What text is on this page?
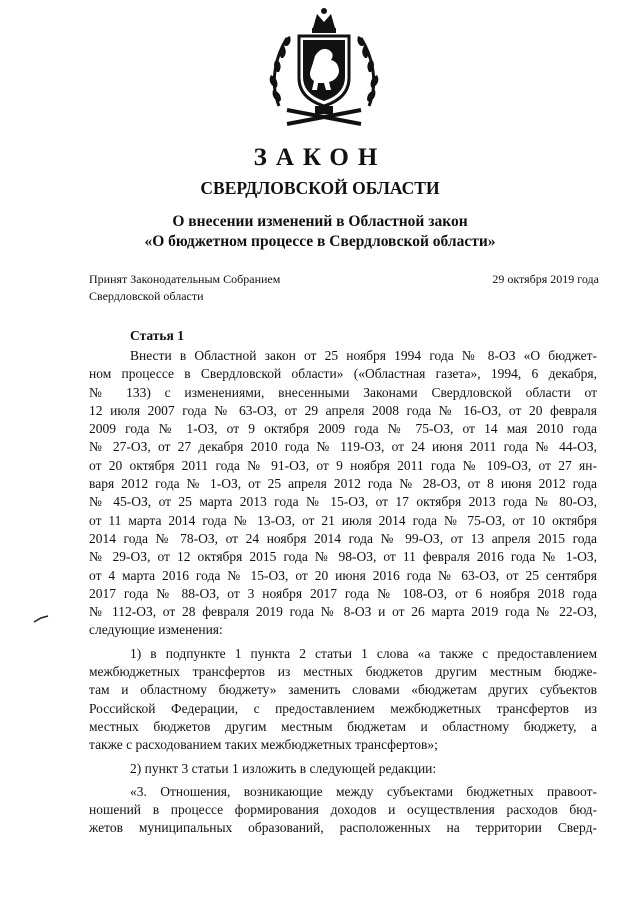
ЗАКОН
СВЕРДЛОВСКОЙ ОБЛАСТИ
О внесении изменений в Областной закон
«О бюджетном процессе в Свердловской области»
Принят Законодательным Собранием
Свердловской области
29 октября 2019 года
Статья 1
Внести в Областной закон от 25 ноября 1994 года № 8-ОЗ «О бюджет-
ном процессе в Свердловской области» («Областная газета», 1994, 6 декабря,
№ 133) с изменениями, внесенными Законами Свердловской области от
12 июля 2007 года № 63-ОЗ, от 29 апреля 2008 года № 16-ОЗ, от 20 февраля
2009 года № 1-ОЗ, от 9 октября 2009 года № 75-ОЗ, от 14 мая 2010 года
№ 27-ОЗ, от 27 декабря 2010 года № 119-ОЗ, от 24 июня 2011 года № 44-ОЗ,
от 20 октября 2011 года № 91-ОЗ, от 9 ноября 2011 года № 109-ОЗ, от 27 ян-
варя 2012 года № 1-ОЗ, от 25 апреля 2012 года № 28-ОЗ, от 8 июня 2012 года
№ 45-ОЗ, от 25 марта 2013 года № 15-ОЗ, от 17 октября 2013 года № 80-ОЗ,
от 11 марта 2014 года № 13-ОЗ, от 21 июля 2014 года № 75-ОЗ, от 10 октября
2014 года № 78-ОЗ, от 24 ноября 2014 года № 99-ОЗ, от 13 апреля 2015 года
№ 29-ОЗ, от 12 октября 2015 года № 98-ОЗ, от 11 февраля 2016 года № 1-ОЗ,
от 4 марта 2016 года № 15-ОЗ, от 20 июня 2016 года № 63-ОЗ, от 25 сентября
2017 года № 88-ОЗ, от 3 ноября 2017 года № 108-ОЗ, от 6 ноября 2018 года
№ 112-ОЗ, от 28 февраля 2019 года № 8-ОЗ и от 26 марта 2019 года № 22-ОЗ,
следующие изменения:
1) в подпункте 1 пункта 2 статьи 1 слова «а также с предоставлением
межбюджетных трансфертов из местных бюджетов другим местным бюдже-
там и областному бюджету» заменить словами «бюджетам других субъектов
Российской Федерации, с предоставлением межбюджетных трансфертов из
местных бюджетов другим местным бюджетам и областному бюджету, а
также с расходованием таких межбюджетных трансфертов»;
2) пункт 3 статьи 1 изложить в следующей редакции:
«3. Отношения, возникающие между субъектами бюджетных правоот-
ношений в процессе формирования доходов и осуществления расходов бюд-
жетов муниципальных образований, расположенных на территории Сверд-
